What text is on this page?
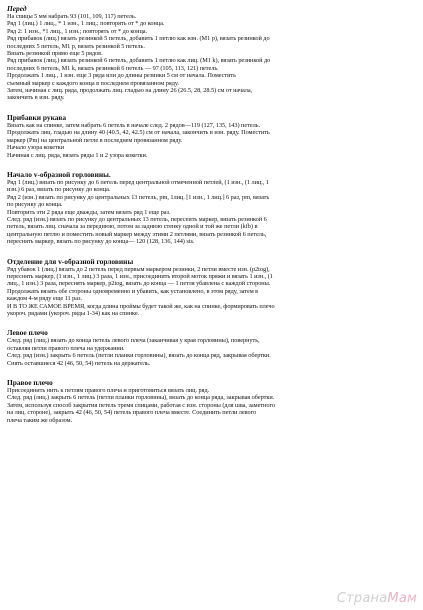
Перед

На спицы 5 мм набрать 93 (101, 109, 117) петель.

Ряд 1 (лиц.) 1 лиц., * 1 изн., 1 лиц.; повторять от * до конца.

Ряд 2: 1 изн., *1 лиц., 1 изн.; повторять от * до конца.

Ряд прибавок (лиц.) вязать резинкой 5 петель, добавить 1 петлю как изн. (M1 p), вязать резинкой до

последних 5 петель, M1 p, вязать резинкой 5 петель.

Вязать резинкой прямо еще 5 рядов.

Ряд прибавок (лиц.) вязать резинкой 6 петель, добавить 1 петлю как лиц. (M1 k), вязать резинкой до

последних 6 петель, M1 k, вязать резинкой 6 петель — 97 (105, 113, 121) петель.

Продолжать 1 лиц., 1 изн. еще 3 ряда или до длины резинки 5 см от начала. Поместить

съемный маркер с каждого конца в последнем провязанном ряду.

Затем, начиная с лиц. ряда, продолжать лиц. гладью на длину 26 (26.5, 28, 28.5) см от начала,

закончить в изн. ряду.

Прибавки рукава

Вязать как на спинке, затем набрать 6 петель в начале след. 2 рядов—119 (127, 135, 143) петель.

Продолжать лиц. гладью на длину 40 (40.5, 42, 42.5) см от начала, закончить в изн. ряду. Поместить

маркер (Pm) на центральной петле в последнем провязанном ряду.

Начало узора кокетки

Начиная с лиц. ряда, вязать ряды 1 и 2 узора кокетки.

Начало v-образной горловины.

Ряд 1 (лиц.) вязать по рисунку до 6 петель перед центральной отмеченной петлей, (1 изн., (1 лиц., 1

изн.) 6 раз, вязать по рисунку до конца.

Ряд 2 (изн.) вязать по рисунку до центральных 13 петель, рm, 1лиц. [1 изн., 1 лиц.] 6 раз, рm, вязать

по рисунку до конца.

Повторить эти 2 ряда еще дважды, затем вязать ряд 1 еще раз.

След. ряд (изн.) вязать по рисунку до центральных 13 петель, пересеить маркер, вязать резинкой 6

петель, вязать лиц. сначала за переднюю, потом за заднюю стенку одной и той же петли (kfb) в

центральную петлю и поместить новый маркер между этими 2 петлями, вязать резинкой 6 петель,

переснять маркер, вязать по рисунку до конца— 120 (128, 136, 144) sts.

Отделение для v-образной горловины

Ряд убавок 1 (лиц.) вязать до 2 петель перед первым маркером резинки, 2 петли вместе изн. (p2tog),

переснять маркер, (1 изн., 1 лиц.) 3 раза, 1 изн., присоединить второй моток пряжи и вязать 1 изн., (1

лиц., 1 изн.) 3 раза, переснять маркер, p2tog, вязать до конца — 1 петля убавлена с каждой стороны.

Продолжать вязать обе стороны одновременно и убавить, как установлено, в этом ряду, затем в

каждом 4-м ряду еще 11 раз.

И В ТО ЖЕ САМОЕ ВРЕМЯ, когда длина проймы будет такой же, как на спинке, формировать плечо

укороч. рядами (укороч. ряды 1-34) как на спинке.

Левое плечо

След. ряд (лиц.) вязать до конца петель левого плеча (заканчивая у края горловины), повернуть,

оставляя петли правого плеча на удержании.

След. ряд (изн.) закрыть 6 петель (петли планки горловины), вязать до конца ряд, закрывая обертки.

Снять оставшиеся 42 (46, 50, 54) петель на держатель.

Правое плечо

Присоединить нить к петлям правого плеча и приготовиться вязать лиц. ряд.

След. ряд (лиц.) закрыть 6 петель (петли планки горловины), вязать до конца ряда, закрывая обертки.

Затем, используя способ закрытия петель тремя спицами, работая с изн. стороны (для шва, заметного

на лиц. стороне), закрыть 42 (46, 50, 54) петель правого плеча вместе. Соединить петли левого

плеча таким же образом.

СтранаМам
